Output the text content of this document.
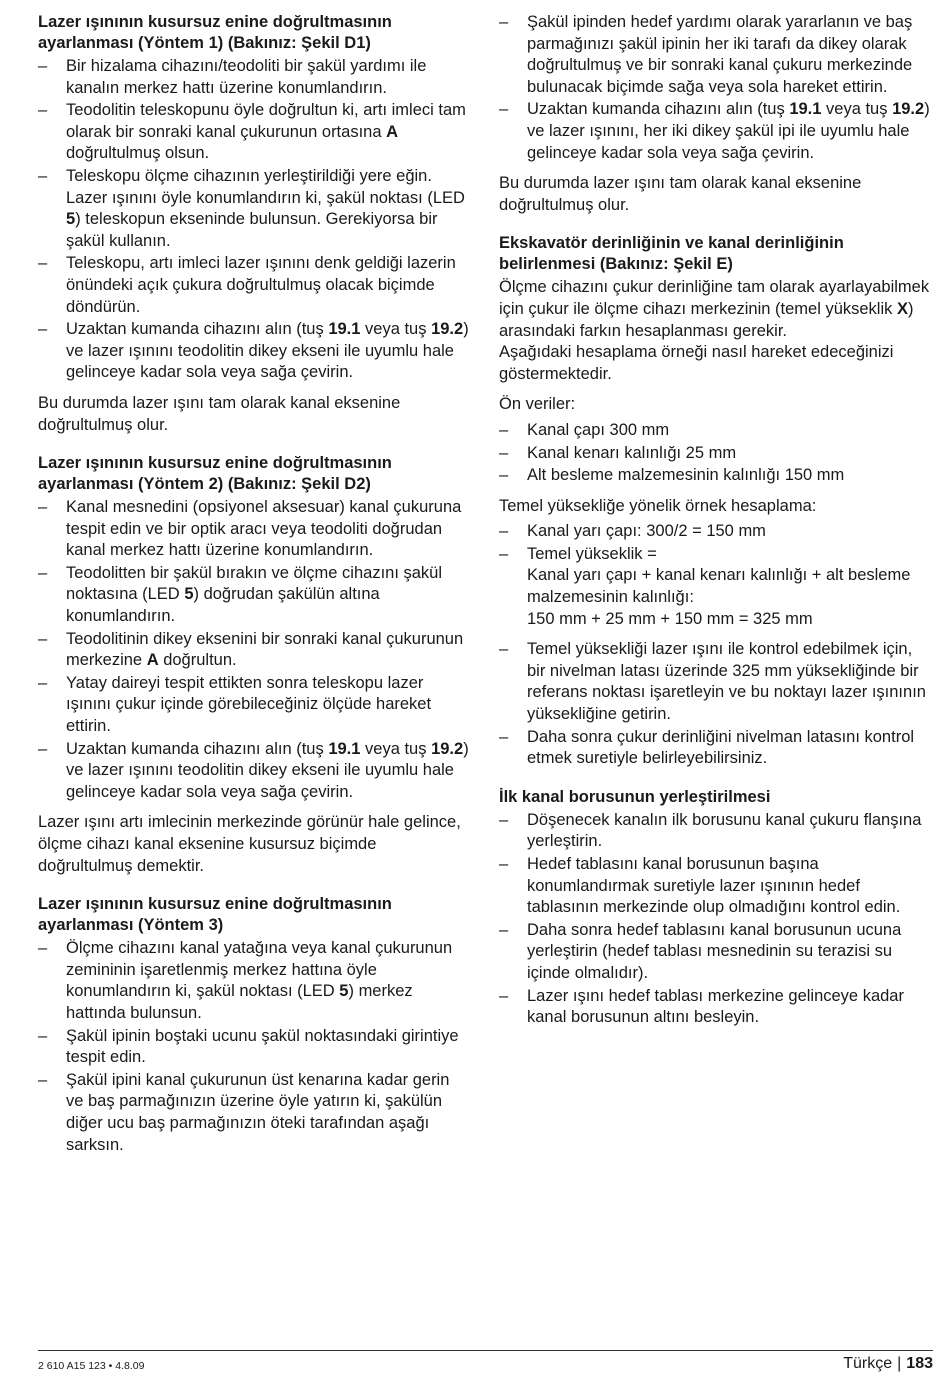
Lazer ışınının kusursuz enine doğrultmasının ayarlanması (Yöntem 1) (Bakınız: Şekil D1)
– Bir hizalama cihazını/teodoliti bir şakül yardımı ile kanalın merkez hattı üzerine konumlandırın.
– Teodolitin teleskopunu öyle doğrultun ki, artı imleci tam olarak bir sonraki kanal çukurunun ortasına A doğrultulmuş olsun.
– Teleskopu ölçme cihazının yerleştirildiği yere eğin. Lazer ışınını öyle konumlandırın ki, şakül noktası (LED 5) teleskopun ekseninde bulunsun. Gerekiyorsa bir şakül kullanın.
– Teleskopu, artı imleci lazer ışınını denk geldiği lazerin önündeki açık çukura doğrultulmuş olacak biçimde döndürün.
– Uzaktan kumanda cihazını alın (tuş 19.1 veya tuş 19.2) ve lazer ışınını teodolitin dikey ekseni ile uyumlu hale gelinceye kadar sola veya sağa çevirin.

Bu durumda lazer ışını tam olarak kanal eksenine doğrultulmuş olur.

Lazer ışınının kusursuz enine doğrultmasının ayarlanması (Yöntem 2) (Bakınız: Şekil D2)
– Kanal mesnedini (opsiyonel aksesuar) kanal çukuruna tespit edin ve bir optik aracı veya teodoliti doğrudan kanal merkez hattı üzerine konumlandırın.
– Teodolitten bir şakül bırakın ve ölçme cihazını şakül noktasına (LED 5) doğrudan şakülün altına konumlandırın.
– Teodolitinin dikey eksenini bir sonraki kanal çukurunun merkezine A doğrultun.
– Yatay daireyi tespit ettikten sonra teleskopu lazer ışınını çukur içinde görebileceğiniz ölçüde hareket ettirin.
– Uzaktan kumanda cihazını alın (tuş 19.1 veya tuş 19.2) ve lazer ışınını teodolitin dikey ekseni ile uyumlu hale gelinceye kadar sola veya sağa çevirin.

Lazer ışını artı imlecinin merkezinde görünür hale gelince, ölçme cihazı kanal eksenine kusursuz biçimde doğrultulmuş demektir.

Lazer ışınının kusursuz enine doğrultmasının ayarlanması (Yöntem 3)
– Ölçme cihazını kanal yatağına veya kanal çukurunun zemininin işaretlenmiş merkez hattına öyle konumlandırın ki, şakül noktası (LED 5) merkez hattında bulunsun.
– Şakül ipinin boştaki ucunu şakül noktasındaki girintiye tespit edin.
– Şakül ipini kanal çukurunun üst kenarına kadar gerin ve baş parmağınızın üzerine öyle yatırın ki, şakülün diğer ucu baş parmağınızın öteki tarafından aşağı sarksın.
– Şakül ipinden hedef yardımı olarak yararlanın ve baş parmağınızı şakül ipinin her iki tarafı da dikey olarak doğrultulmuş ve bir sonraki kanal çukuru merkezinde bulunacak biçimde sağa veya sola hareket ettirin.
– Uzaktan kumanda cihazını alın (tuş 19.1 veya tuş 19.2) ve lazer ışınını, her iki dikey şakül ipi ile uyumlu hale gelinceye kadar sola veya sağa çevirin.

Bu durumda lazer ışını tam olarak kanal eksenine doğrultulmuş olur.

Ekskavatör derinliğinin ve kanal derinliğinin belirlenmesi (Bakınız: Şekil E)

Ölçme cihazını çukur derinliğine tam olarak ayarlayabilmek için çukur ile ölçme cihazı merkezinin (temel yükseklik X) arasındaki farkın hesaplanması gerekir.

Aşağıdaki hesaplama örneği nasıl hareket edeceğinizi göstermektedir.

Ön veriler:

– Kanal çapı 300 mm
– Kanal kenarı kalınlığı 25 mm
– Alt besleme malzemesinin kalınlığı 150 mm

Temel yüksekliğe yönelik örnek hesaplama:

– Kanal yarı çapı: 300/2 = 150 mm
– Temel yükseklik =
Kanal yarı çapı + kanal kenarı kalınlığı + alt besleme malzemesinin kalınlığı:
150 mm + 25 mm + 150 mm = 325 mm
– Temel yüksekliği lazer ışını ile kontrol edebilmek için, bir nivelman latası üzerinde 325 mm yüksekliğinde bir referans noktası işaretleyin ve bu noktayı lazer ışınının yüksekliğine getirin.
– Daha sonra çukur derinliğini nivelman latasını kontrol etmek suretiyle belirleyebilirsiniz.
İlk kanal borusunun yerleştirilmesi
– Döşenecek kanalın ilk borusunu kanal çukuru flanşına yerleştirin.
– Hedef tablasını kanal borusunun başına konumlandırmak suretiyle lazer ışınının hedef tablasının merkezinde olup olmadığını kontrol edin.
– Daha sonra hedef tablasını kanal borusunun ucuna yerleştirin (hedef tablası mesnedinin su terazisi su içinde olmalıdır).
– Lazer ışını hedef tablası merkezine gelinceye kadar kanal borusunun altını besleyin.
2 610 A15 123 • 4.8.09	Türkçe | 183
